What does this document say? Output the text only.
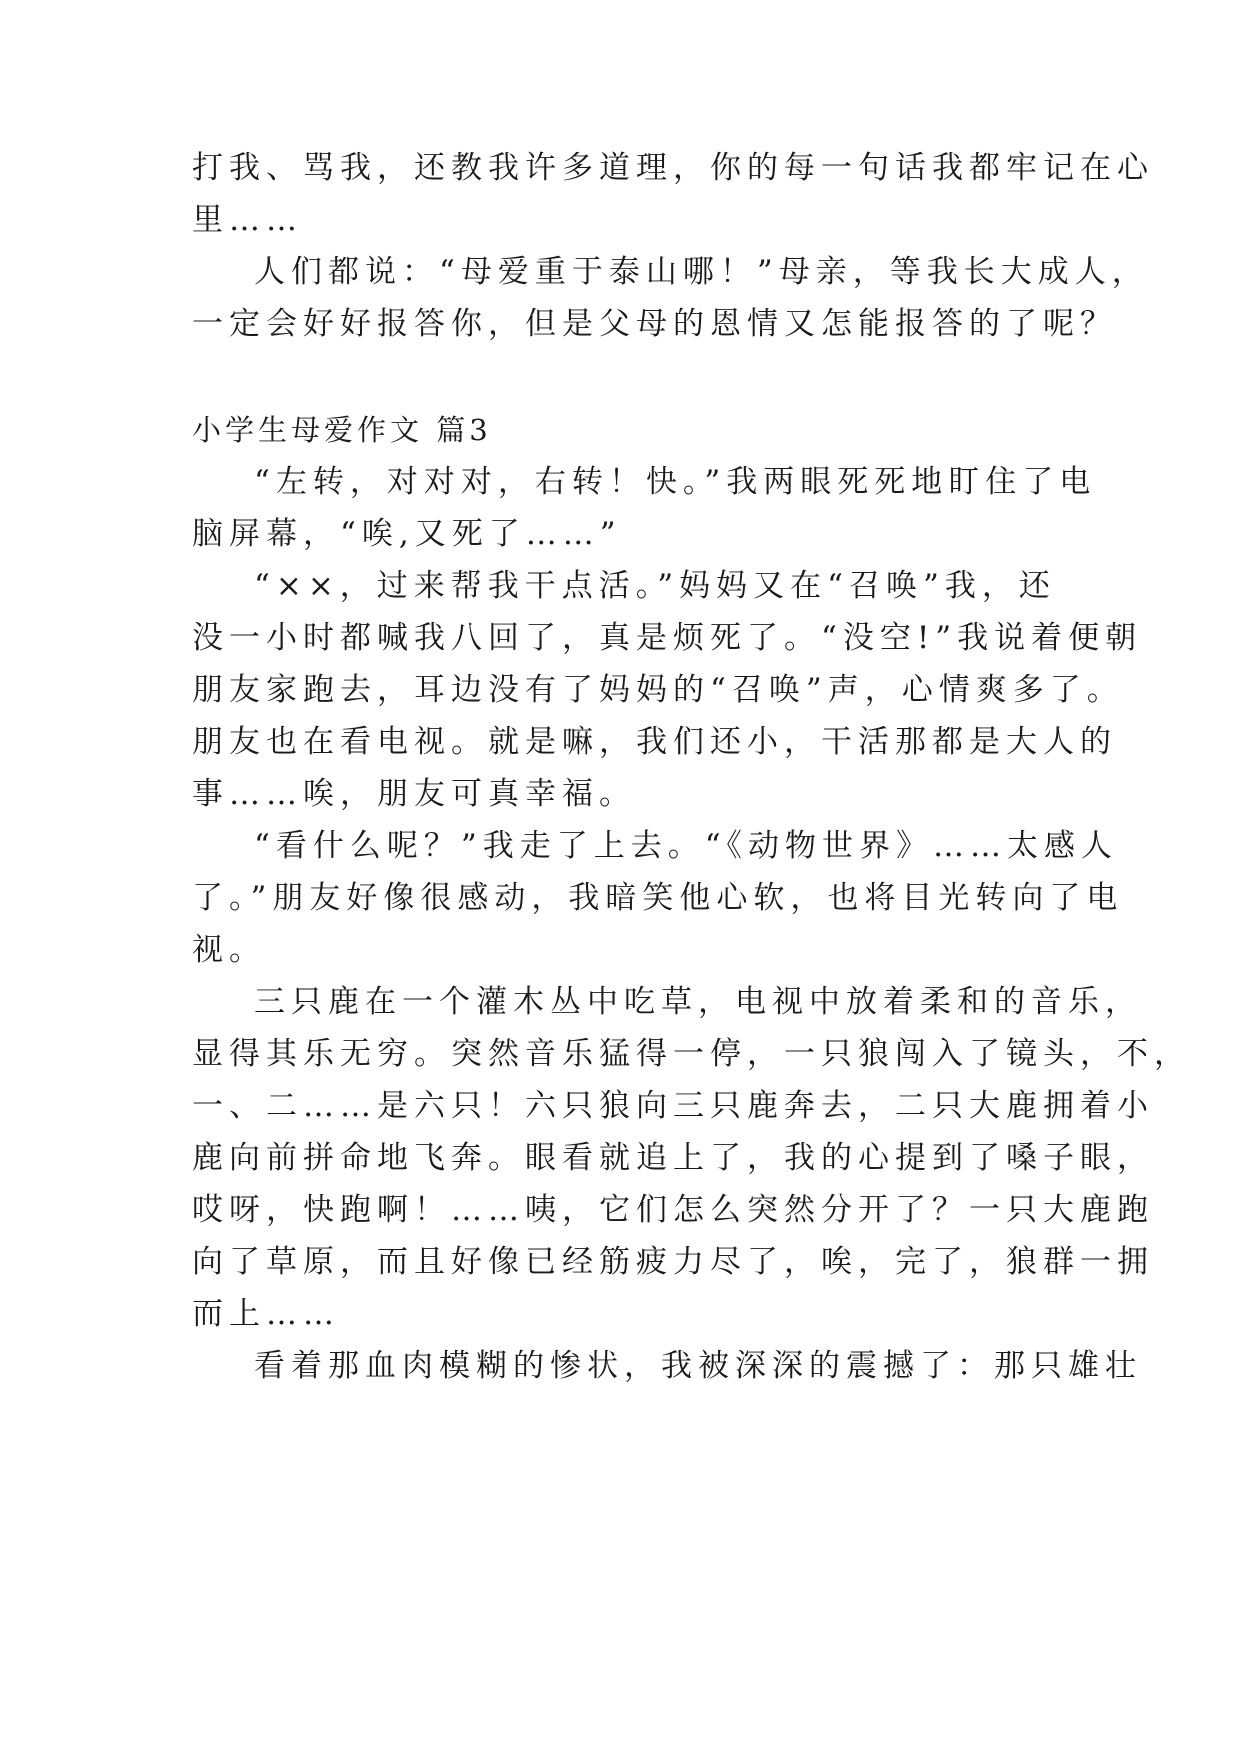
打我、骂我，还教我许多道理，你的每一句话我都牢记在心
里……
人们都说：“母爱重于泰山哪！”母亲，等我长大成人，
一定会好好报答你，但是父母的恩情又怎能报答的了呢？
小学生母爱作文 篇3
“左转，对对对，右转！快。”我两眼死死地盯住了电
脑屏幕，“唉,又死了……”
“××，过来帮我干点活。”妈妈又在“召唤”我，还
没一小时都喊我八回了，真是烦死了。“没空!”我说着便朝
朋友家跑去，耳边没有了妈妈的“召唤”声，心情爽多了。
朋友也在看电视。就是嘛，我们还小，干活那都是大人的
事……唉，朋友可真幸福。
“看什么呢？”我走了上去。“《动物世界》……太感人
了。”朋友好像很感动，我暗笑他心软，也将目光转向了电
视。
三只鹿在一个灌木丛中吃草，电视中放着柔和的音乐，
显得其乐无穷。突然音乐猛得一停，一只狼闯入了镜头，不，
一、二……是六只！六只狼向三只鹿奔去，二只大鹿拥着小
鹿向前拼命地飞奔。眼看就追上了，我的心提到了嗓子眼，
哎呀，快跑啊！……咦，它们怎么突然分开了？一只大鹿跑
向了草原，而且好像已经筋疲力尽了，唉，完了，狼群一拥
而上……
看着那血肉模糊的惨状，我被深深的震撼了：那只雄壮
